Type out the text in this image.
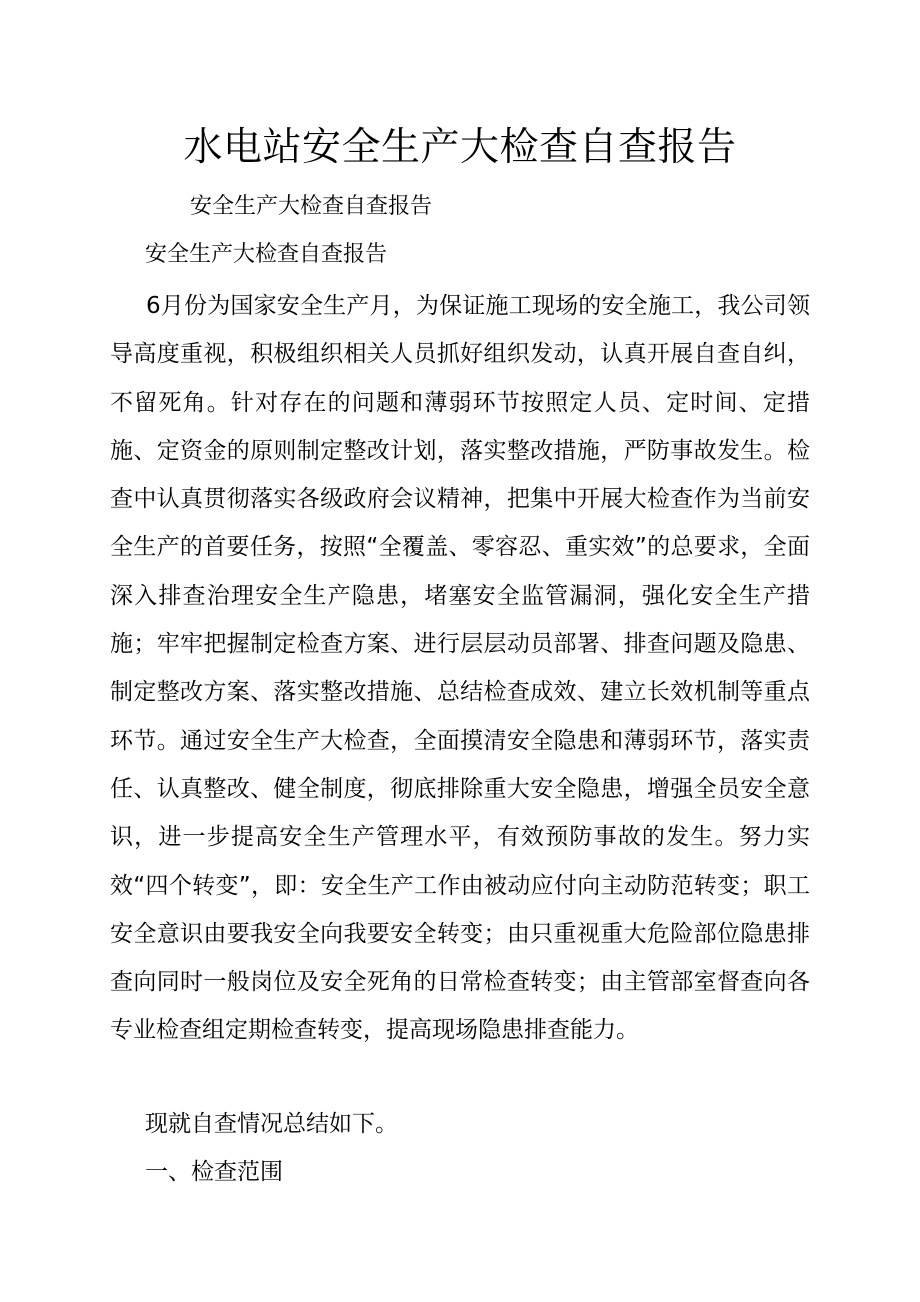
水电站安全生产大检查自查报告
安全生产大检查自查报告
安全生产大检查自查报告

6月份为国家安全生产月，为保证施工现场的安全施工，我公司领导高度重视，积极组织相关人员抓好组织发动，认真开展自查自纠，不留死角。针对存在的问题和薄弱环节按照定人员、定时间、定措施、定资金的原则制定整改计划，落实整改措施，严防事故发生。检查中认真贯彻落实各级政府会议精神，把集中开展大检查作为当前安全生产的首要任务，按照“全覆盖、零容忍、重实效”的总要求，全面深入排查治理安全生产隐患，堵塞安全监管漏洞，强化安全生产措施；牢牢把握制定检查方案、进行层层动员部署、排查问题及隐患、制定整改方案、落实整改措施、总结检查成效、建立长效机制等重点环节。通过安全生产大检查，全面摸清安全隐患和薄弱环节，落实责任、认真整改、健全制度，彻底排除重大安全隐患，增强全员安全意识，进一步提高安全生产管理水平，有效预防事故的发生。努力实效“四个转变”，即：安全生产工作由被动应付向主动防范转变；职工安全意识由要我安全向我要安全转变；由只重视重大危险部位隐患排查向同时一般岗位及安全死角的日常检查转变；由主管部室督查向各专业检查组定期检查转变，提高现场隐患排查能力。

现就自查情况总结如下。

一、检查范围
